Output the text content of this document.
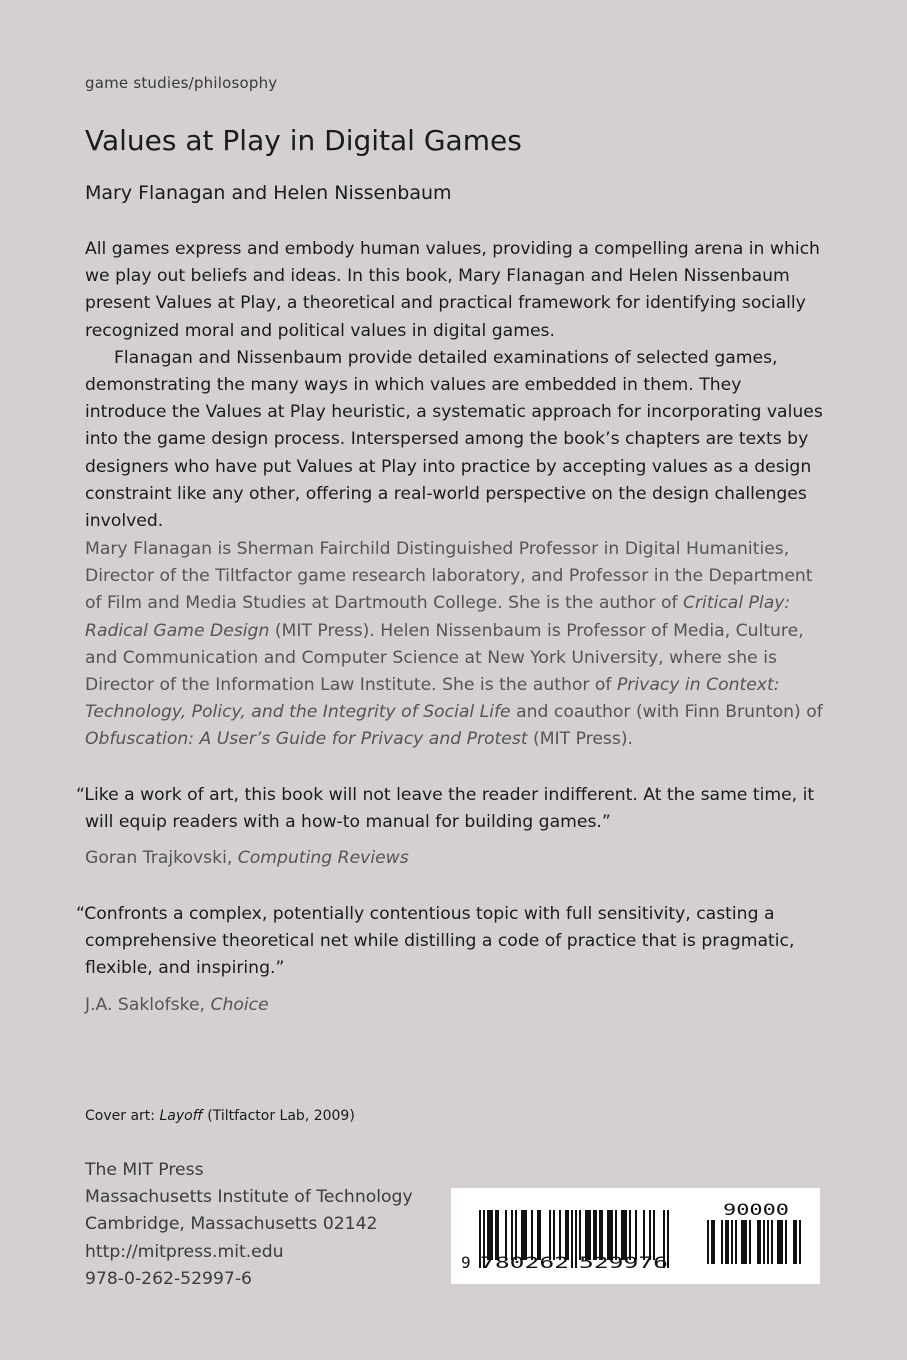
game studies/philosophy
Values at Play in Digital Games
Mary Flanagan and Helen Nissenbaum

All games express and embody human values, providing a compelling arena in which we play out beliefs and ideas. In this book, Mary Flanagan and Helen Nissenbaum present Values at Play, a theoretical and practical framework for identifying socially recognized moral and political values in digital games.

Flanagan and Nissenbaum provide detailed examinations of selected games, demonstrating the many ways in which values are embedded in them. They introduce the Values at Play heuristic, a systematic approach for incorporating values into the game design process. Interspersed among the book’s chapters are texts by designers who have put Values at Play into practice by accepting values as a design constraint like any other, offering a real-world perspective on the design challenges involved.

Mary Flanagan is Sherman Fairchild Distinguished Professor in Digital Humanities, Director of the Tiltfactor game research laboratory, and Professor in the Department of Film and Media Studies at Dartmouth College. She is the author of Critical Play: Radical Game Design (MIT Press). Helen Nissenbaum is Professor of Media, Culture, and Communication and Computer Science at New York University, where she is Director of the Information Law Institute. She is the author of Privacy in Context: Technology, Policy, and the Integrity of Social Life and coauthor (with Finn Brunton) of Obfuscation: A User’s Guide for Privacy and Protest (MIT Press).

“Like a work of art, this book will not leave the reader indifferent. At the same time, it will equip readers with a how-to manual for building games.”

Goran Trajkovski, Computing Reviews

“Confronts a complex, potentially contentious topic with full sensitivity, casting a comprehensive theoretical net while distilling a code of practice that is pragmatic, flexible, and inspiring.”

J.A. Saklofske, Choice

Cover art: Layoff (Tiltfactor Lab, 2009)
The MIT Press
Massachusetts Institute of Technology
Cambridge, Massachusetts 02142
http://mitpress.mit.edu
978-0-262-52997-6
9 780262 529976
90000
